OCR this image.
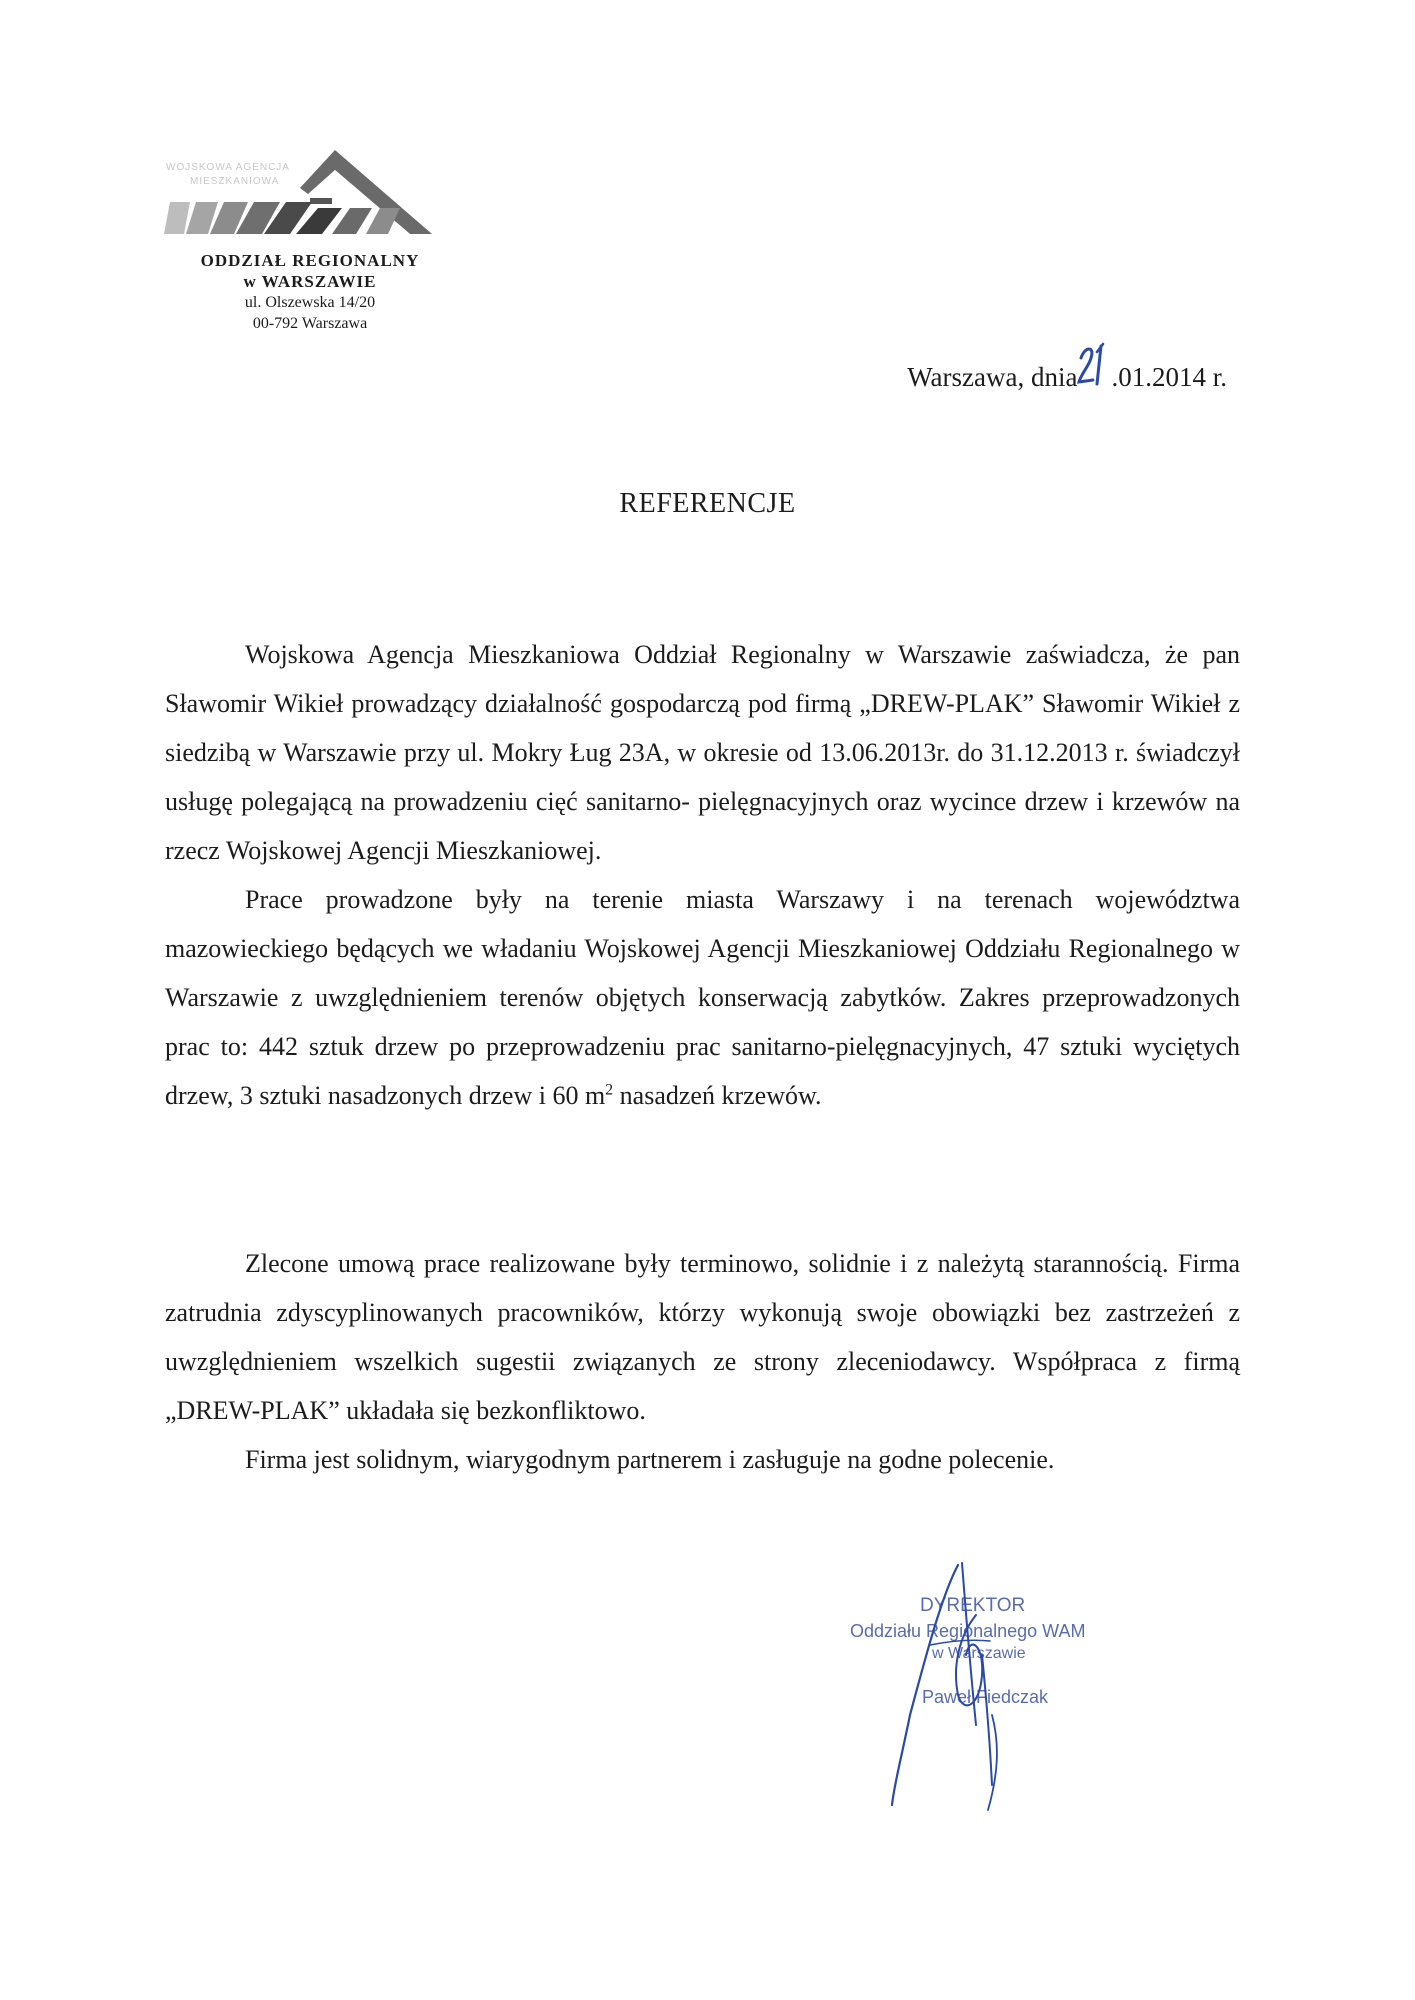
WOJSKOWA AGENCJA
MIESZKANIOWA
ODDZIAŁ REGIONALNY
w WARSZAWIE
ul. Olszewska 14/20
00-792 Warszawa
Warszawa, dnia .01.2014 r.
REFERENCJE

Wojskowa Agencja Mieszkaniowa Oddział Regionalny w Warszawie zaświadcza, że pan Sławomir Wikieł prowadzący działalność gospodarczą pod firmą „DREW-PLAK” Sławomir Wikieł z siedzibą w Warszawie przy ul. Mokry Ług 23A, w okresie od 13.06.2013r. do 31.12.2013 r. świadczył usługę polegającą na prowadzeniu cięć sanitarno- pielęgnacyjnych oraz wycince drzew i krzewów na rzecz Wojskowej Agencji Mieszkaniowej.

Prace prowadzone były na terenie miasta Warszawy i na terenach województwa mazowieckiego będących we władaniu Wojskowej Agencji Mieszkaniowej Oddziału Regionalnego w Warszawie z uwzględnieniem terenów objętych konserwacją zabytków. Zakres przeprowadzonych prac to: 442 sztuk drzew po przeprowadzeniu prac sanitarno-pielęgnacyjnych, 47 sztuki wyciętych drzew, 3 sztuki nasadzonych drzew i 60 $m^2$ nasadzeń krzewów.

Zlecone umową prace realizowane były terminowo, solidnie i z należytą starannością. Firma zatrudnia zdyscyplinowanych pracowników, którzy wykonują swoje obowiązki bez zastrzeżeń z uwzględnieniem wszelkich sugestii związanych ze strony zleceniodawcy. Współpraca z firmą „DREW-PLAK” układała się bezkonfliktowo.

Firma jest solidnym, wiarygodnym partnerem i zasługuje na godne polecenie.

DYREKTOR
Oddziału Regionalnego WAM
w Warszawie
Paweł Fiedczak
